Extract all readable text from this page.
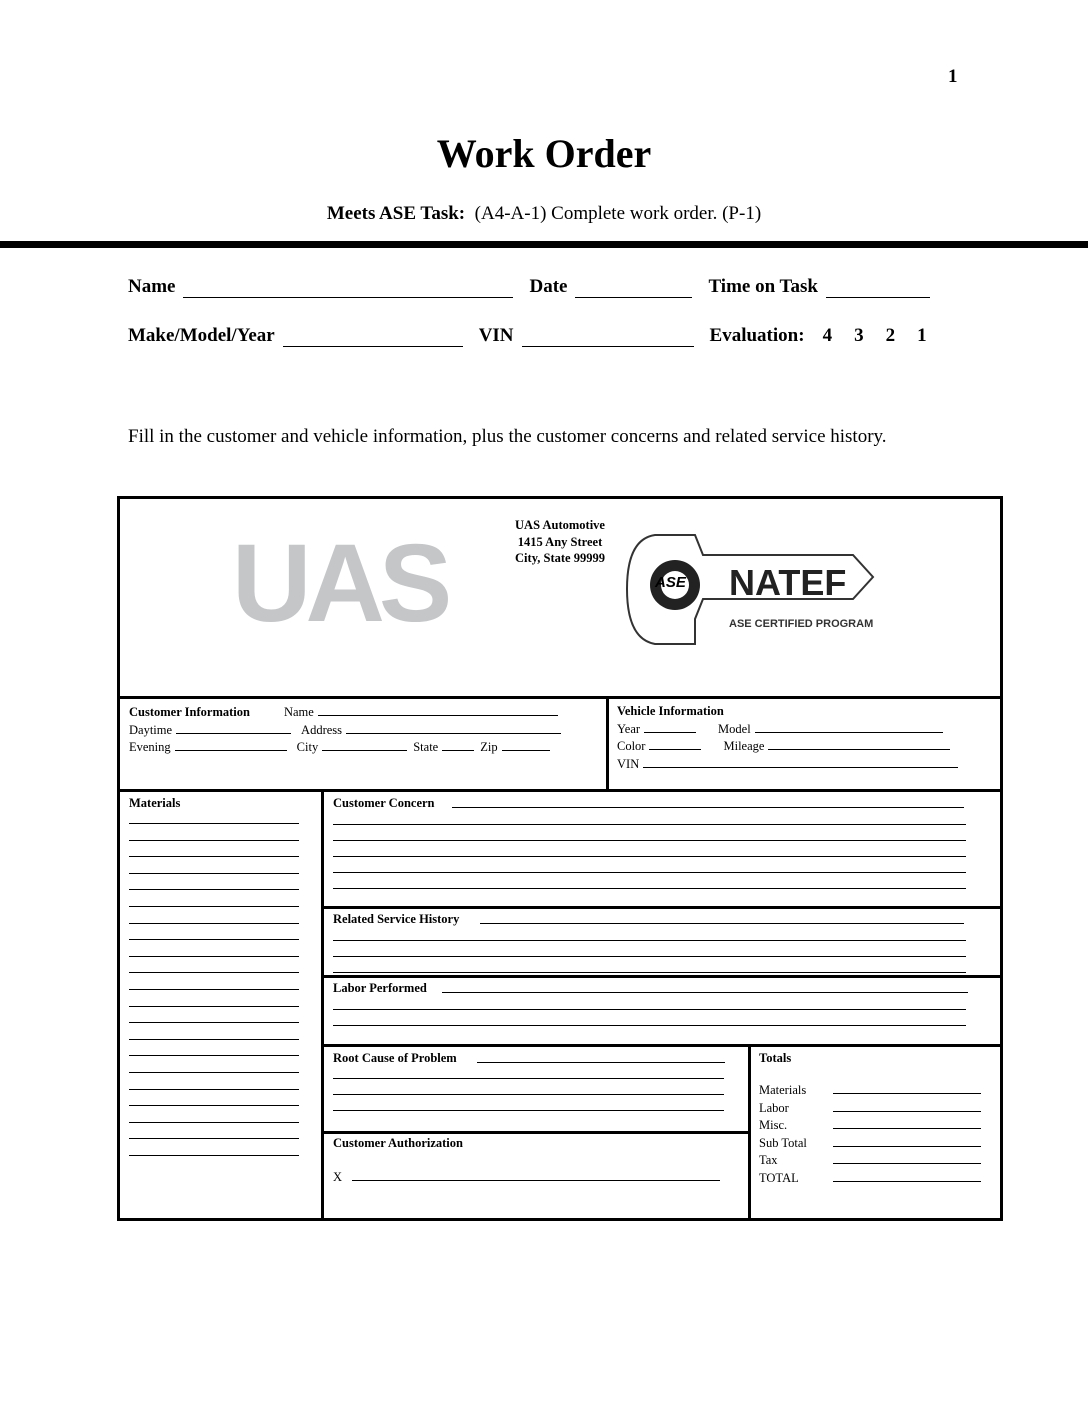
1
Work Order
Meets ASE Task: (A4-A-1) Complete work order. (P-1)
Name	Date	Time on Task
Make/Model/Year	VIN	Evaluation: 4 3 2 1
Fill in the customer and vehicle information, plus the customer concerns and related service history.
UAS	UAS Automotive
1415 Any Street
City, State 99999
ASE NATEF
ASE CERTIFIED PROGRAM
Customer Information	Name
Daytime	Address
Evening	City	State	Zip
Vehicle Information
Year	Model
Color	Mileage
VIN
Materials	Customer Concern
Related Service History
Labor Performed
Root Cause of Problem
Customer Authorization
X
Totals
Materials
Labor
Misc.
Sub Total
Tax
TOTAL
